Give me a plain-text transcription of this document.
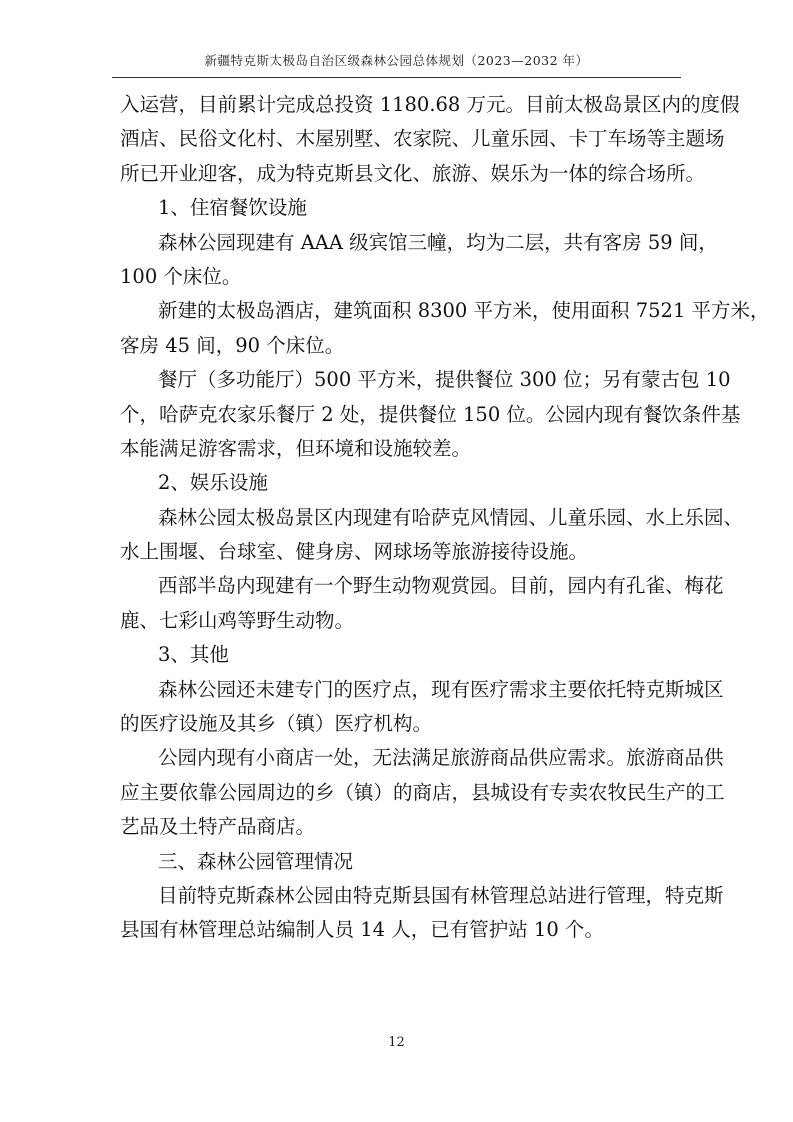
新疆特克斯太极岛自治区级森林公园总体规划（2023—2032 年）
入运营，目前累计完成总投资 1180.68 万元。目前太极岛景区内的度假
酒店、民俗文化村、木屋别墅、农家院、儿童乐园、卡丁车场等主题场
所已开业迎客，成为特克斯县文化、旅游、娱乐为一体的综合场所。
1、住宿餐饮设施
森林公园现建有 AAA 级宾馆三幢，均为二层，共有客房 59 间，
100 个床位。
新建的太极岛酒店，建筑面积 8300 平方米，使用面积 7521 平方米，
客房 45 间，90 个床位。
餐厅（多功能厅）500 平方米，提供餐位 300 位；另有蒙古包 10
个，哈萨克农家乐餐厅 2 处，提供餐位 150 位。公园内现有餐饮条件基
本能满足游客需求，但环境和设施较差。
2、娱乐设施
森林公园太极岛景区内现建有哈萨克风情园、儿童乐园、水上乐园、
水上围堰、台球室、健身房、网球场等旅游接待设施。
西部半岛内现建有一个野生动物观赏园。目前，园内有孔雀、梅花
鹿、七彩山鸡等野生动物。
3、其他
森林公园还未建专门的医疗点，现有医疗需求主要依托特克斯城区
的医疗设施及其乡（镇）医疗机构。
公园内现有小商店一处，无法满足旅游商品供应需求。旅游商品供
应主要依靠公园周边的乡（镇）的商店，县城设有专卖农牧民生产的工
艺品及土特产品商店。
三、森林公园管理情况
目前特克斯森林公园由特克斯县国有林管理总站进行管理，特克斯
县国有林管理总站编制人员 14 人，已有管护站 10 个。
12
